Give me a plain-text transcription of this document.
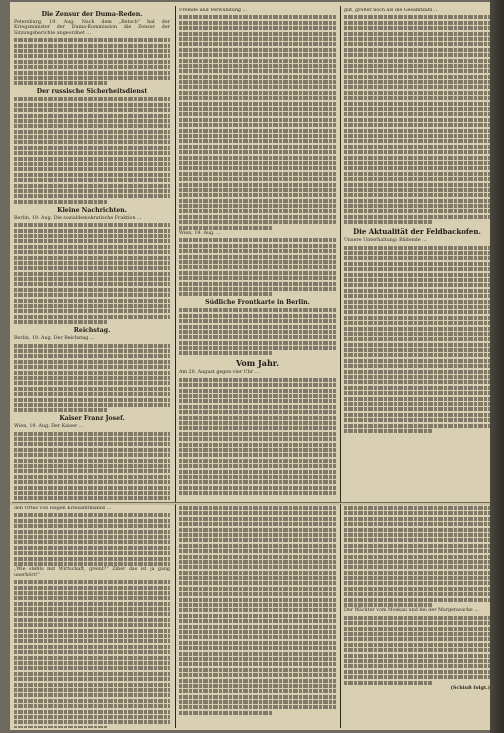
Die Zensur der Duma-Reden.
Petersburg, 19. Aug. Nach dem „Retsch“ hat der Kriegsminister der Duma-Kommission die Zensur der Sitzungsberichte angeordnet ...
Der russische Sicherheitsdienst
Kleine Nachrichten.
Berlin, 19. Aug. Die sozialdemokratische Fraktion ...
Reichstag.
Berlin, 19. Aug. Der Reichstag ...
Kaiser Franz Josef.
Wien, 19. Aug. Der Kaiser ...
Fremde und Verwundung ...
Wien, 19. Aug. ...
Südliche Frontkarte in Berlin.
Vom Jahr.
Am 20. August gegen vier Uhr ...
gut, größer noch als die Gesamtzahl ...
Die Aktualität der Feldbackofen.
Unsere Unterhaltung: Bildende ...
den Ortes von Hagen Kreisamtmanns ...
„Wie stehts mit Wirtschaft, greint?“ Ziber das ist ja gang unerhört!“
Der Wächter vom Moskau und bei der Morgenwache ...
(Schluß folgt.)
